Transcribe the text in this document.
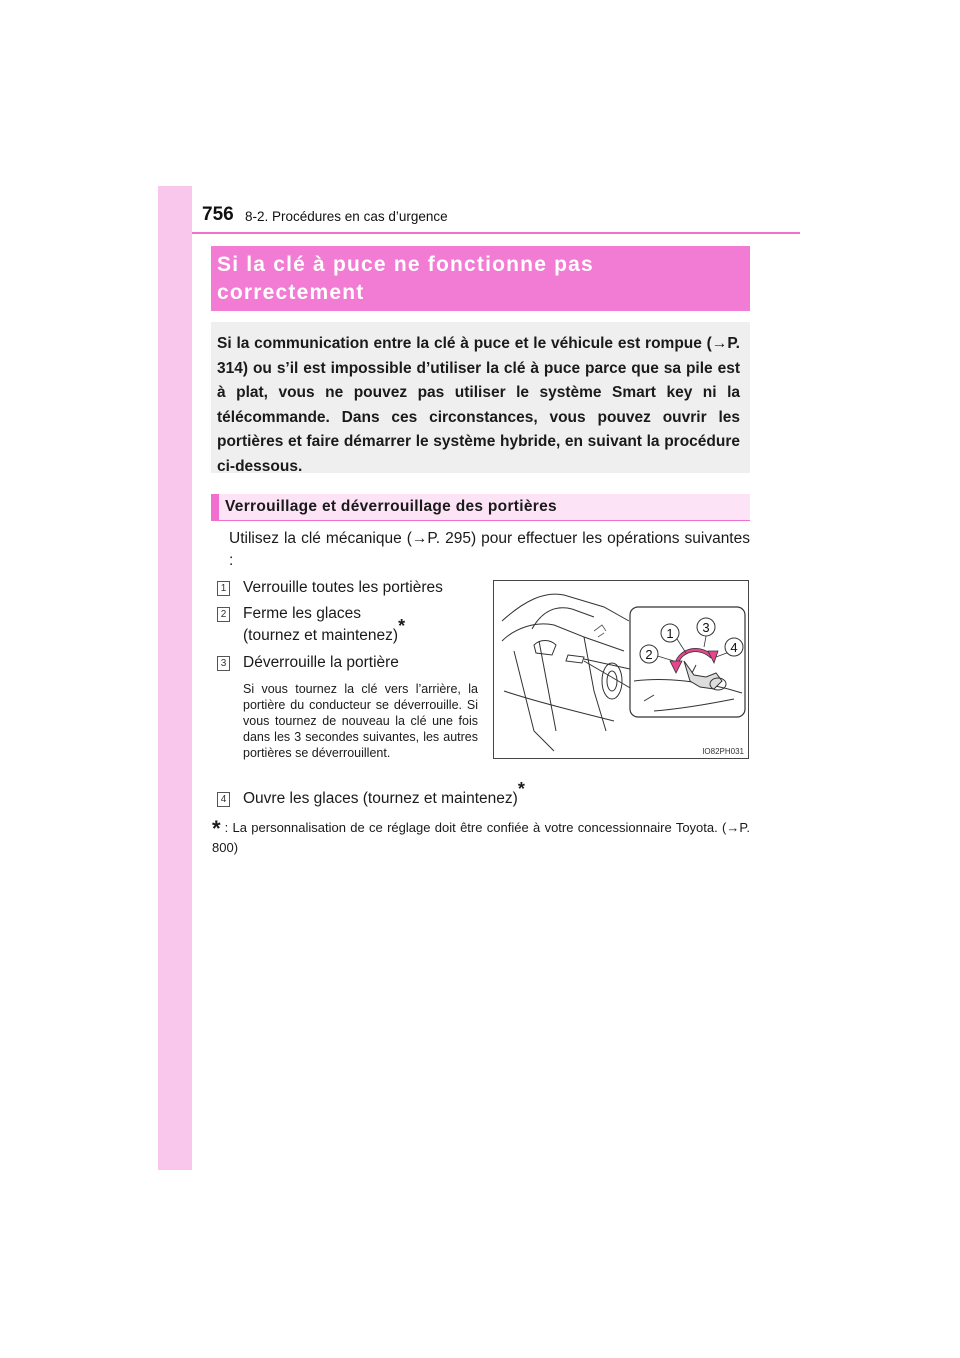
756 8-2. Procédures en cas d’urgence
Si la clé à puce ne fonctionne pas
correctement

Si la communication entre la clé à puce et le véhicule est rompue (→P. 314) ou s’il est impossible d’utiliser la clé à puce parce que sa pile est à plat, vous ne pouvez pas utiliser le système Smart key ni la télécommande. Dans ces circonstances, vous pouvez ouvrir les portières et faire démarrer le système hybride, en suivant la procédure ci-dessous.

Verrouillage et déverrouillage des portières

Utilisez la clé mécanique (→P. 295) pour effectuer les opérations suivantes :

1 Verrouille toutes les portières
2 Ferme les glaces
(tournez et maintenez)*
3 Déverrouille la portière

Si vous tournez la clé vers l’arrière, la portière du conducteur se déverrouille. Si vous tournez de nouveau la clé une fois dans les 3 secondes suivantes, les autres portières se déverrouillent.

4 Ouvre les glaces (tournez et maintenez)*

* : La personnalisation de ce réglage doit être confiée à votre concessionnaire Toyota. (→P. 800)

1
2
3
4
IO82PH031
